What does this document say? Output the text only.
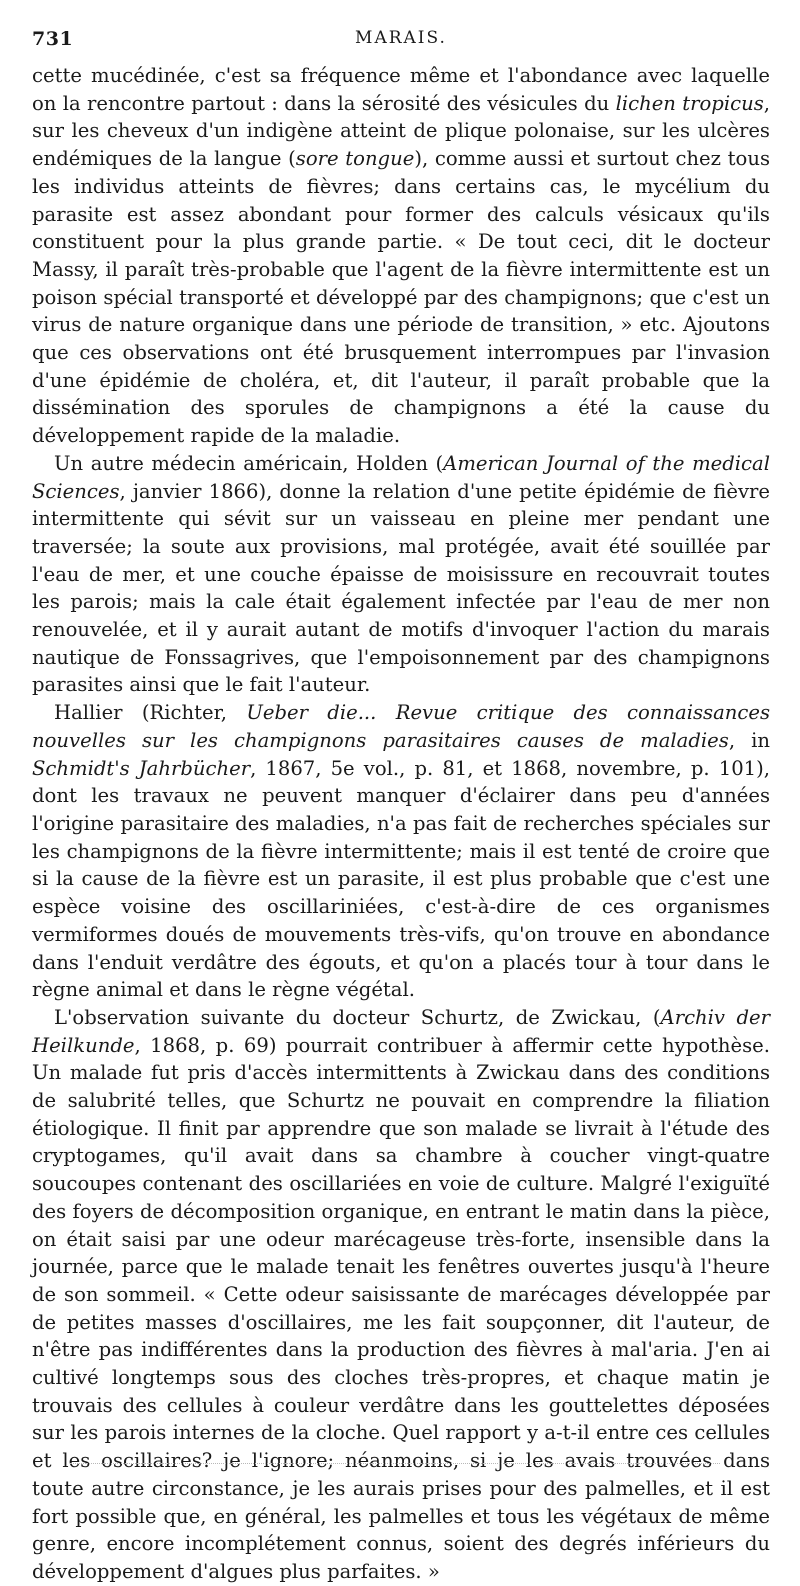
731	MARAIS.

cette mucédinée, c'est sa fréquence même et l'abondance avec laquelle on la rencontre partout : dans la sérosité des vésicules du lichen tropicus, sur les cheveux d'un indigène atteint de plique polonaise, sur les ulcères endémiques de la langue (sore tongue), comme aussi et surtout chez tous les individus atteints de fièvres; dans certains cas, le mycélium du parasite est assez abondant pour former des calculs vésicaux qu'ils constituent pour la plus grande partie. « De tout ceci, dit le docteur Massy, il paraît très-probable que l'agent de la fièvre intermittente est un poison spécial transporté et développé par des champignons; que c'est un virus de nature organique dans une période de transition, » etc. Ajoutons que ces observations ont été brusquement interrompues par l'invasion d'une épidémie de choléra, et, dit l'auteur, il paraît probable que la dissémination des sporules de champignons a été la cause du développement rapide de la maladie.

Un autre médecin américain, Holden (American Journal of the medical Sciences, janvier 1866), donne la relation d'une petite épidémie de fièvre intermittente qui sévit sur un vaisseau en pleine mer pendant une traversée; la soute aux provisions, mal protégée, avait été souillée par l'eau de mer, et une couche épaisse de moisissure en recouvrait toutes les parois; mais la cale était également infectée par l'eau de mer non renouvelée, et il y aurait autant de motifs d'invoquer l'action du marais nautique de Fonssagrives, que l'empoisonnement par des champignons parasites ainsi que le fait l'auteur.

Hallier (Richter, Ueber die... Revue critique des connaissances nouvelles sur les champignons parasitaires causes de maladies, in Schmidt's Jahrbücher, 1867, 5e vol., p. 81, et 1868, novembre, p. 101), dont les travaux ne peuvent manquer d'éclairer dans peu d'années l'origine parasitaire des maladies, n'a pas fait de recherches spéciales sur les champignons de la fièvre intermittente; mais il est tenté de croire que si la cause de la fièvre est un parasite, il est plus probable que c'est une espèce voisine des oscillariniées, c'est-à-dire de ces organismes vermiformes doués de mouvements très-vifs, qu'on trouve en abondance dans l'enduit verdâtre des égouts, et qu'on a placés tour à tour dans le règne animal et dans le règne végétal.

L'observation suivante du docteur Schurtz, de Zwickau, (Archiv der Heilkunde, 1868, p. 69) pourrait contribuer à affermir cette hypothèse. Un malade fut pris d'accès intermittents à Zwickau dans des conditions de salubrité telles, que Schurtz ne pouvait en comprendre la filiation étiologique. Il finit par apprendre que son malade se livrait à l'étude des cryptogames, qu'il avait dans sa chambre à coucher vingt-quatre soucoupes contenant des oscillariées en voie de culture. Malgré l'exiguïté des foyers de décomposition organique, en entrant le matin dans la pièce, on était saisi par une odeur marécageuse très-forte, insensible dans la journée, parce que le malade tenait les fenêtres ouvertes jusqu'à l'heure de son sommeil. « Cette odeur saisissante de marécages développée par de petites masses d'oscillaires, me les fait soupçonner, dit l'auteur, de n'être pas indifférentes dans la production des fièvres à mal'aria. J'en ai cultivé longtemps sous des cloches très-propres, et chaque matin je trouvais des cellules à couleur verdâtre dans les gouttelettes déposées sur les parois internes de la cloche. Quel rapport y a-t-il entre ces cellules et les oscillaires? je l'ignore; néanmoins, si je les avais trouvées dans toute autre circonstance, je les aurais prises pour des palmelles, et il est fort possible que, en général, les palmelles et tous les végétaux de même genre, encore incomplétement connus, soient des degrés inférieurs du développement d'algues plus parfaites. »
